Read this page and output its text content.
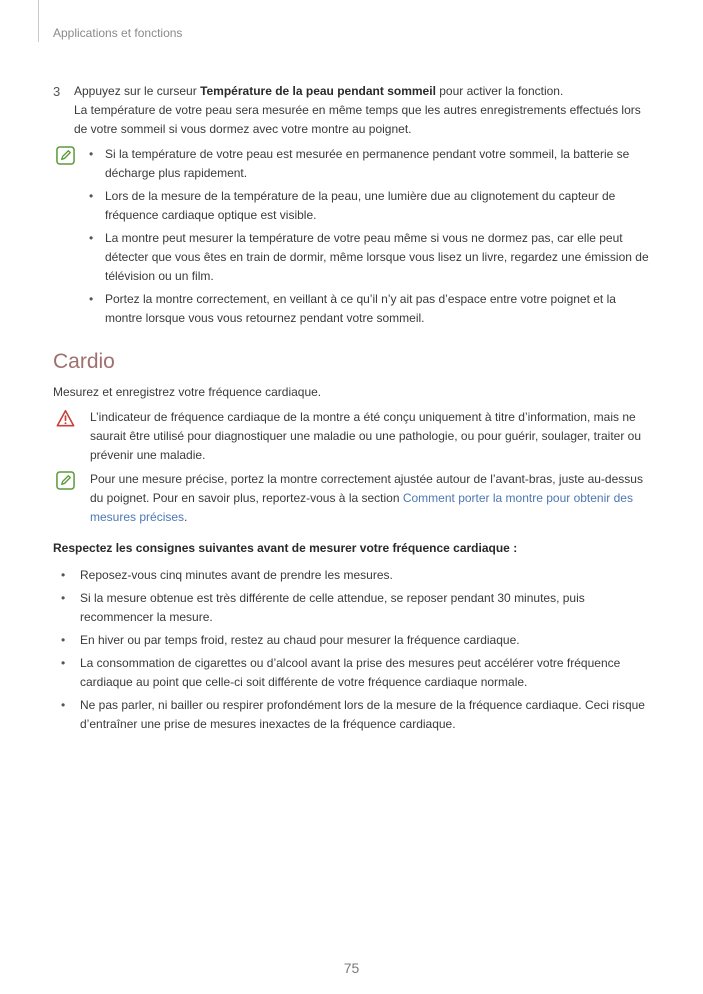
Applications et fonctions
3 Appuyez sur le curseur Température de la peau pendant sommeil pour activer la fonction.
La température de votre peau sera mesurée en même temps que les autres enregistrements effectués lors de votre sommeil si vous dormez avec votre montre au poignet.
• Si la température de votre peau est mesurée en permanence pendant votre sommeil, la batterie se décharge plus rapidement.
• Lors de la mesure de la température de la peau, une lumière due au clignotement du capteur de fréquence cardiaque optique est visible.
• La montre peut mesurer la température de votre peau même si vous ne dormez pas, car elle peut détecter que vous êtes en train de dormir, même lorsque vous lisez un livre, regardez une émission de télévision ou un film.
• Portez la montre correctement, en veillant à ce qu’il n’y ait pas d’espace entre votre poignet et la montre lorsque vous vous retournez pendant votre sommeil.
Cardio
Mesurez et enregistrez votre fréquence cardiaque.
L’indicateur de fréquence cardiaque de la montre a été conçu uniquement à titre d’information, mais ne saurait être utilisé pour diagnostiquer une maladie ou une pathologie, ou pour guérir, soulager, traiter ou prévenir une maladie.
Pour une mesure précise, portez la montre correctement ajustée autour de l’avant-bras, juste au-dessus du poignet. Pour en savoir plus, reportez-vous à la section Comment porter la montre pour obtenir des mesures précises.
Respectez les consignes suivantes avant de mesurer votre fréquence cardiaque :
• Reposez-vous cinq minutes avant de prendre les mesures.
• Si la mesure obtenue est très différente de celle attendue, se reposer pendant 30 minutes, puis recommencer la mesure.
• En hiver ou par temps froid, restez au chaud pour mesurer la fréquence cardiaque.
• La consommation de cigarettes ou d’alcool avant la prise des mesures peut accélérer votre fréquence cardiaque au point que celle-ci soit différente de votre fréquence cardiaque normale.
• Ne pas parler, ni bailler ou respirer profondément lors de la mesure de la fréquence cardiaque. Ceci risque d’entraîner une prise de mesures inexactes de la fréquence cardiaque.
75
